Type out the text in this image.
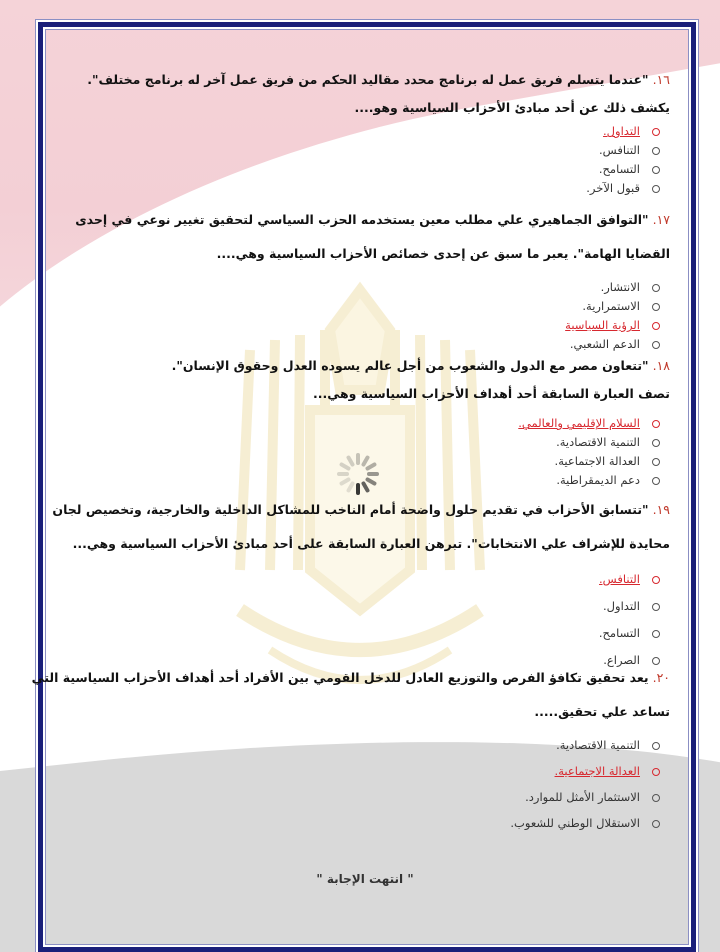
١٦."عندما يتسلم فريق عمل له برنامج محدد مقاليد الحكم من فريق عمل آخر له برنامج مختلف".
يكشف ذلك عن أحد مبادئ الأحزاب السياسية وهو....
التداول.
التنافس.
التسامح.
قبول الآخر.
١٧."التوافق الجماهيري علي مطلب معين يستخدمه الحزب السياسي لتحقيق تغيير نوعي في إحدى
القضايا الهامة". يعبر ما سبق عن إحدى خصائص الأحزاب السياسية وهي....
الانتشار.
الاستمرارية.
الرؤية السياسية
الدعم الشعبي.
١٨."تتعاون مصر مع الدول والشعوب من أجل عالم يسوده العدل وحقوق الإنسان".
تصف العبارة السابقة أحد أهداف الأحزاب السياسية وهي...
السلام الإقليمي والعالمي.
التنمية الاقتصادية.
العدالة الاجتماعية.
دعم الديمقراطية.
١٩."تتسابق الأحزاب في تقديم حلول واضحة أمام الناخب للمشاكل الداخلية والخارجية، وتخصيص لجان
محايدة للإشراف علي الانتخابات". تبرهن العبارة السابقة على أحد مبادئ الأحزاب السياسية وهي...
التنافس.
التداول.
التسامح.
الصراع.
٢٠.يعد تحقيق تكافؤ الفرص والتوزيع العادل للدخل القومي بين الأفراد أحد أهداف الأحزاب السياسية التي
تساعد علي تحقيق.....
التنمية الاقتصادية.
العدالة الاجتماعية.
الاستثمار الأمثل للموارد.
الاستقلال الوطني للشعوب.
" انتهت الإجابة "
